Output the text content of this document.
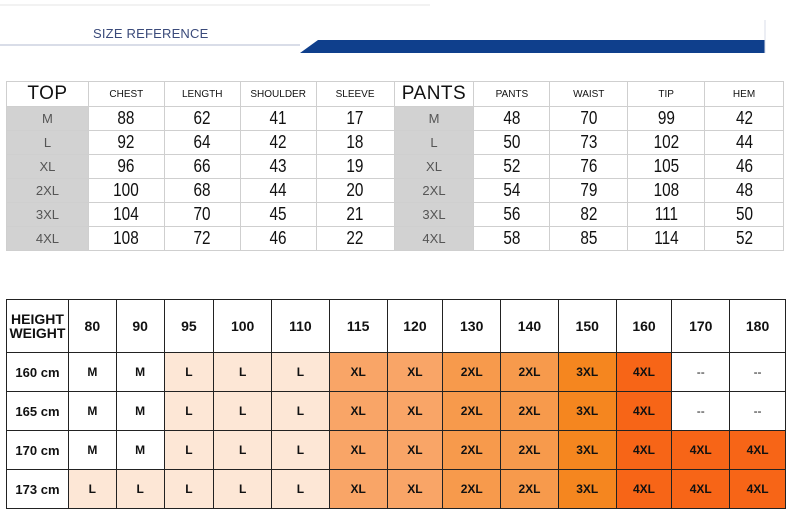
SIZE REFERENCE
TOP	CHEST	LENGTH	SHOULDER	SLEEVE	PANTS	PANTS	WAIST	TIP	HEM
M	88	62	41	17	M	48	70	99	42
L	92	64	42	18	L	50	73	102	44
XL	96	66	43	19	XL	52	76	105	46
2XL	100	68	44	20	2XL	54	79	108	48
3XL	104	70	45	21	3XL	56	82	111	50
4XL	108	72	46	22	4XL	58	85	114	52
HEIGHT
WEIGHT	80	90	95	100	110	115	120	130	140	150	160	170	180
160 cm	M	M	L	L	L	XL	XL	2XL	2XL	3XL	4XL	--	--
165 cm	M	M	L	L	L	XL	XL	2XL	2XL	3XL	4XL	--	--
170 cm	M	M	L	L	L	XL	XL	2XL	2XL	3XL	4XL	4XL	4XL
173 cm	L	L	L	L	L	XL	XL	2XL	2XL	3XL	4XL	4XL	4XL
